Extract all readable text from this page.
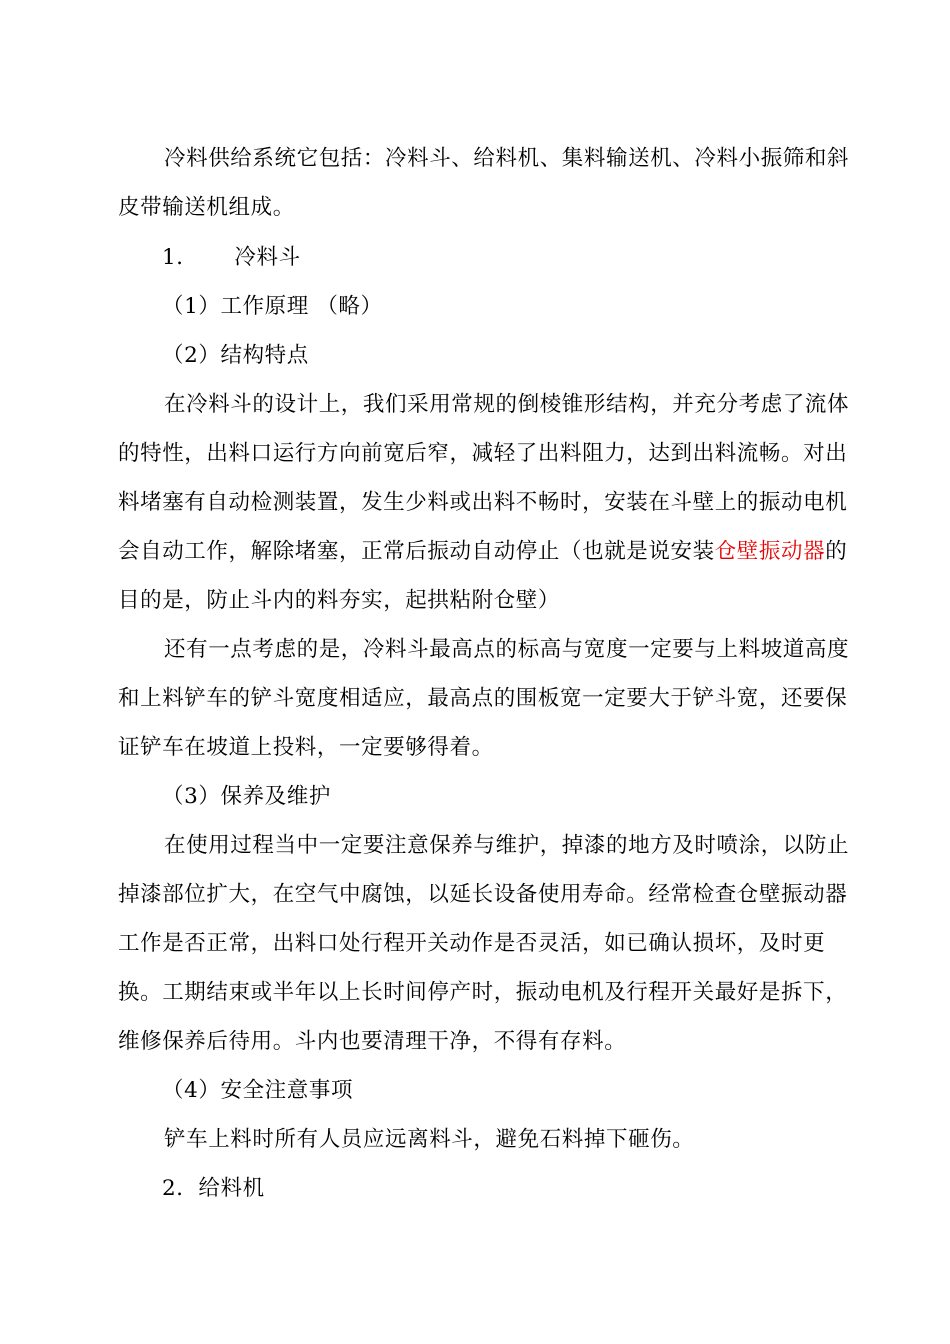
冷料供给系统它包括：冷料斗、给料机、集料输送机、冷料小振筛和斜皮带输送机组成。

1． 冷料斗

（1）工作原理 （略）

（2）结构特点

在冷料斗的设计上，我们采用常规的倒棱锥形结构，并充分考虑了流体的特性，出料口运行方向前宽后窄，减轻了出料阻力，达到出料流畅。对出料堵塞有自动检测装置，发生少料或出料不畅时，安装在斗壁上的振动电机会自动工作，解除堵塞，正常后振动自动停止（也就是说安装仓壁振动器的目的是，防止斗内的料夯实，起拱粘附仓壁）

还有一点考虑的是，冷料斗最高点的标高与宽度一定要与上料坡道高度和上料铲车的铲斗宽度相适应，最高点的围板宽一定要大于铲斗宽，还要保证铲车在坡道上投料，一定要够得着。

（3）保养及维护

在使用过程当中一定要注意保养与维护，掉漆的地方及时喷涂，以防止掉漆部位扩大，在空气中腐蚀，以延长设备使用寿命。经常检查仓壁振动器工作是否正常，出料口处行程开关动作是否灵活，如已确认损坏，及时更换。工期结束或半年以上长时间停产时，振动电机及行程开关最好是拆下，维修保养后待用。斗内也要清理干净，不得有存料。

（4）安全注意事项

铲车上料时所有人员应远离料斗，避免石料掉下砸伤。

2．给料机
